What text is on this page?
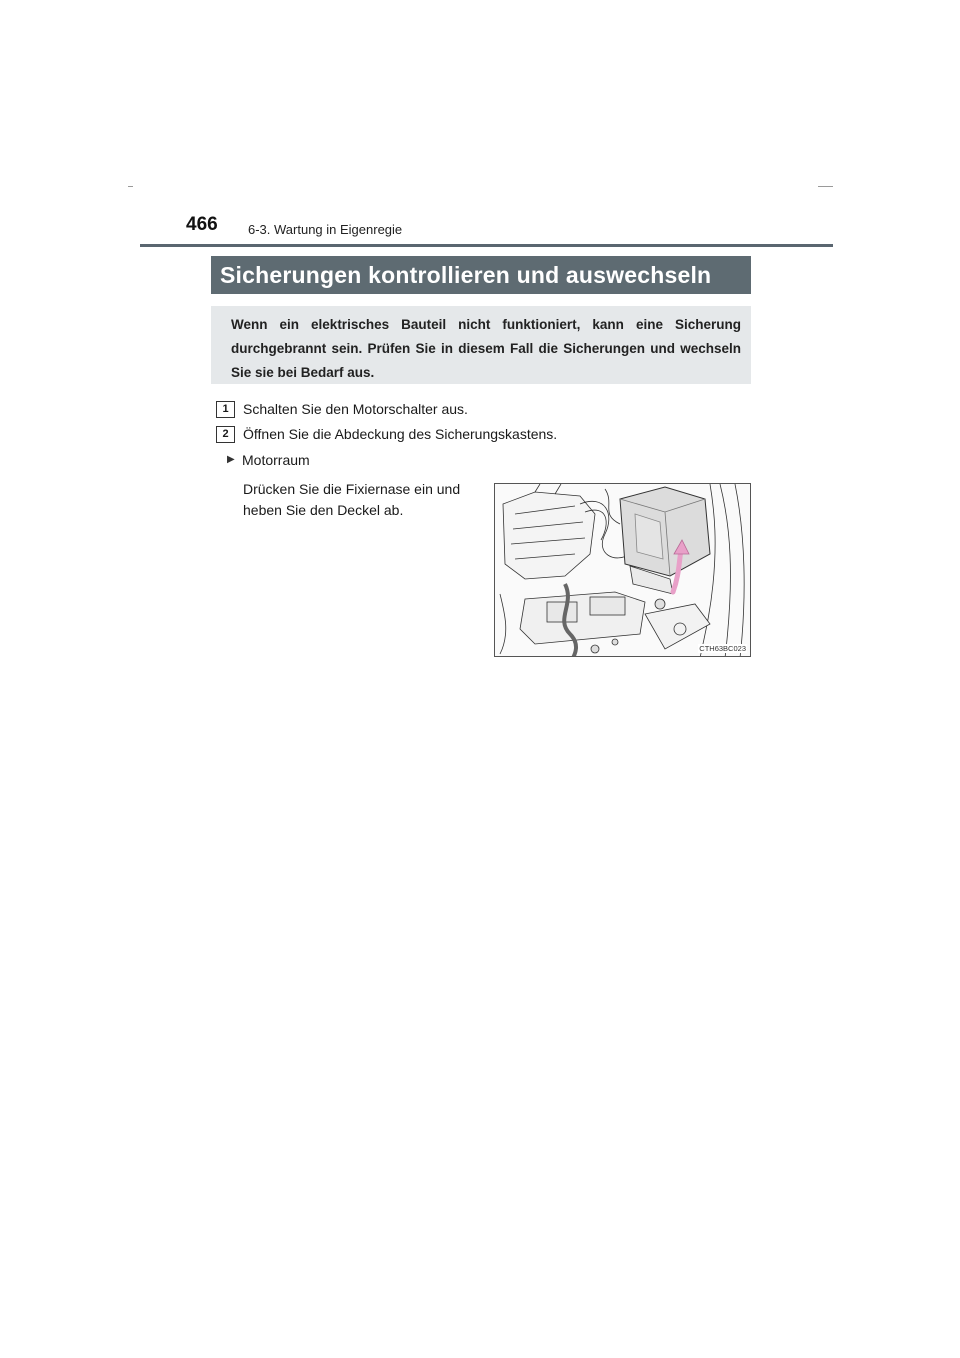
466 6-3. Wartung in Eigenregie
Sicherungen kontrollieren und auswechseln
Wenn ein elektrisches Bauteil nicht funktioniert, kann eine Sicherung durchgebrannt sein. Prüfen Sie in diesem Fall die Sicherungen und wechseln Sie sie bei Bedarf aus.
1	Schalten Sie den Motorschalter aus.
2	Öffnen Sie die Abdeckung des Sicherungskastens.
▶ Motorraum
Drücken Sie die Fixiernase ein und
heben Sie den Deckel ab.
CTH63BC023
